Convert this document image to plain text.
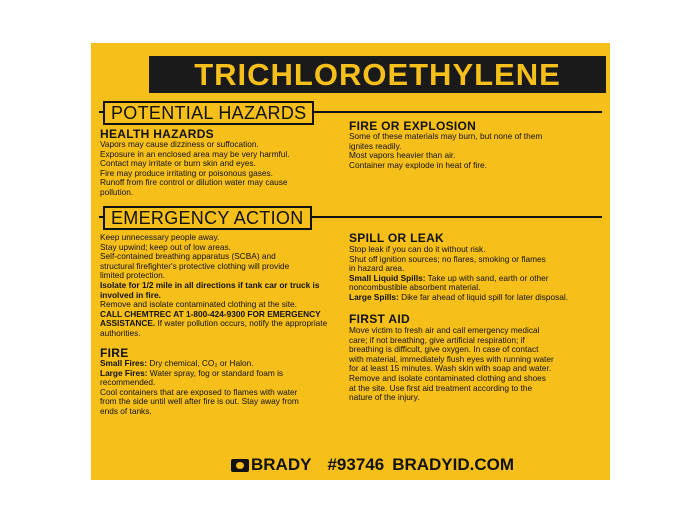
TRICHLOROETHYLENE
POTENTIAL HAZARDS
HEALTH HAZARDS
Vapors may cause dizziness or suffocation.
Exposure in an enclosed area may be very harmful.
Contact may irritate or burn skin and eyes.
Fire may produce irritating or poisonous gases.
Runoff from fire control or dilution water may cause
pollution.
FIRE OR EXPLOSION
Some of these materials may burn, but none of them
ignites readily.
Most vapors heavier than air.
Container may explode in heat of fire.
EMERGENCY ACTION
Keep unnecessary people away.
Stay upwind; keep out of low areas.
Self-contained breathing apparatus (SCBA) and
structural firefighter's protective clothing will provide
limited protection.
Isolate for 1/2 mile in all directions if tank car or truck is involved in fire.
Remove and isolate contaminated clothing at the site.
CALL CHEMTREC AT 1-800-424-9300 FOR EMERGENCY ASSISTANCE. If water pollution occurs, notify the appropriate authorities.
FIRE
Small Fires: Dry chemical, CO₂ or Halon.
Large Fires: Water spray, fog or standard foam is recommended.
Cool containers that are exposed to flames with water from the side until well after fire is out. Stay away from ends of tanks.
SPILL OR LEAK
Stop leak if you can do it without risk.
Shut off ignition sources; no flares, smoking or flames
in hazard area.
Small Liquid Spills: Take up with sand, earth or other noncombustible absorbent material.
Large Spills: Dike far ahead of liquid spill for later disposal.
FIRST AID
Move victim to fresh air and call emergency medical care; if not breathing, give artificial respiration; if breathing is difficult, give oxygen. In case of contact with material, immediately flush eyes with running water for at least 15 minutes. Wash skin with soap and water. Remove and isolate contaminated clothing and shoes at the site. Use first aid treatment according to the nature of the injury.
BRADY #93746 BRADYID.COM
